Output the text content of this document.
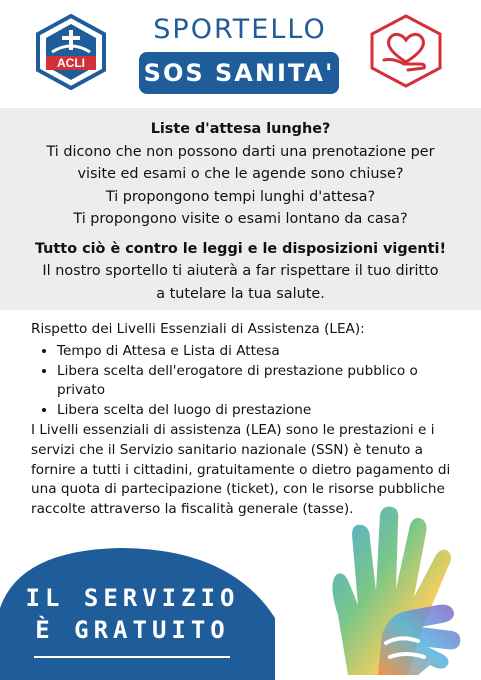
ACLI
SPORTELLO
SOS SANITA'
Liste d'attesa lunghe?
Ti dicono che non possono darti una prenotazione per
visite ed esami o che le agende sono chiuse?
Ti propongono tempi lunghi d'attesa?
Ti propongono visite o esami lontano da casa?
Tutto ciò è contro le leggi e le disposizioni vigenti!
Il nostro sportello ti aiuterà a far rispettare il tuo diritto
a tutelare la tua salute.
Rispetto dei Livelli Essenziali di Assistenza (LEA):
• Tempo di Attesa e Lista di Attesa
• Libera scelta dell'erogatore di prestazione pubblico o privato
• Libera scelta del luogo di prestazione
I Livelli essenziali di assistenza (LEA) sono le prestazioni e i servizi che il Servizio sanitario nazionale (SSN) è tenuto a fornire a tutti i cittadini, gratuitamente o dietro pagamento di una quota di partecipazione (ticket), con le risorse pubbliche raccolte attraverso la fiscalità generale (tasse).
IL SERVIZIO
È GRATUITO
